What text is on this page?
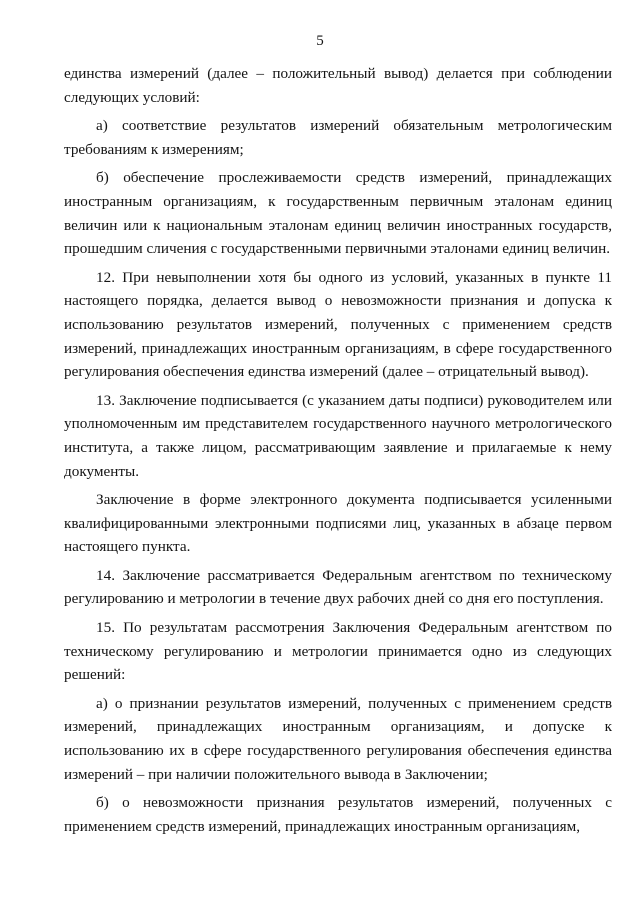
5

единства измерений (далее – положительный вывод) делается при соблюдении следующих условий:

а) соответствие результатов измерений обязательным метрологическим требованиям к измерениям;

б) обеспечение прослеживаемости средств измерений, принадлежащих иностранным организациям, к государственным первичным эталонам единиц величин или к национальным эталонам единиц величин иностранных государств, прошедшим сличения с государственными первичными эталонами единиц величин.

12. При невыполнении хотя бы одного из условий, указанных в пункте 11 настоящего порядка, делается вывод о невозможности признания и допуска к использованию результатов измерений, полученных с применением средств измерений, принадлежащих иностранным организациям, в сфере государственного регулирования обеспечения единства измерений (далее – отрицательный вывод).

13. Заключение подписывается (с указанием даты подписи) руководителем или уполномоченным им представителем государственного научного метрологического института, а также лицом, рассматривающим заявление и прилагаемые к нему документы.

Заключение в форме электронного документа подписывается усиленными квалифицированными электронными подписями лиц, указанных в абзаце первом настоящего пункта.

14. Заключение рассматривается Федеральным агентством по техническому регулированию и метрологии в течение двух рабочих дней со дня его поступления.

15. По результатам рассмотрения Заключения Федеральным агентством по техническому регулированию и метрологии принимается одно из следующих решений:

а) о признании результатов измерений, полученных с применением средств измерений, принадлежащих иностранным организациям, и допуске к использованию их в сфере государственного регулирования обеспечения единства измерений – при наличии положительного вывода в Заключении;

б) о невозможности признания результатов измерений, полученных с применением средств измерений, принадлежащих иностранным организациям,
